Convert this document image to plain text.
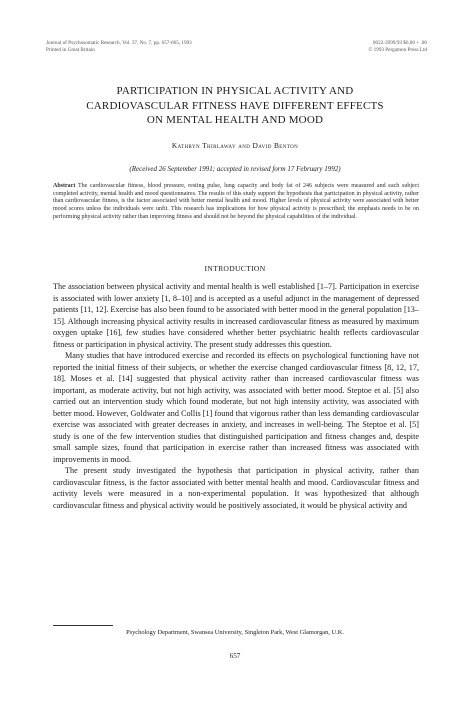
Journal of Psychosomatic Research, Vol. 37, No. 7, pp. 657-665, 1993
Printed in Great Britain
0022-3999/93 $6.00 + .00
© 1993 Pergamon Press Ltd
PARTICIPATION IN PHYSICAL ACTIVITY AND
CARDIOVASCULAR FITNESS HAVE DIFFERENT EFFECTS
ON MENTAL HEALTH AND MOOD
Kathryn Thirlaway and David Benton
(Received 26 September 1991; accepted in revised form 17 February 1992)
Abstract The cardiovascular fitness, blood pressure, resting pulse, lung capacity and body fat of 246 subjects were measured and each subject completed activity, mental health and mood questionnaires. The results of this study support the hypothesis that participation in physical activity, rather than cardiovascular fitness, is the factor associated with better mental health and mood. Higher levels of physical activity were associated with better mood scores unless the individuals were unfit. This research has implications for how physical activity is prescribed; the emphasis needs to be on performing physical activity rather than improving fitness and should not be beyond the physical capabilities of the individual.
INTRODUCTION

The association between physical activity and mental health is well established [1–7]. Participation in exercise is associated with lower anxiety [1, 8–10] and is accepted as a useful adjunct in the management of depressed patients [11, 12]. Exercise has also been found to be associated with better mood in the general population [13–15]. Although increasing physical activity results in increased cardiovascular fitness as measured by maximum oxygen uptake [16], few studies have considered whether better psychiatric health reflects cardiovascular fitness or participation in physical activity. The present study addresses this question.

Many studies that have introduced exercise and recorded its effects on psychological functioning have not reported the initial fitness of their subjects, or whether the exercise changed cardiovascular fitness [8, 12, 17, 18]. Moses et al. [14] suggested that physical activity rather than increased cardiovascular fitness was important, as moderate activity, but not high activity, was associated with better mood. Steptoe et al. [5] also carried out an intervention study which found moderate, but not high intensity activity, was associated with better mood. However, Goldwater and Collis [1] found that vigorous rather than less demanding cardiovascular exercise was associated with greater decreases in anxiety, and increases in well-being. The Steptoe et al. [5] study is one of the few intervention studies that distinguished participation and fitness changes and, despite small sample sizes, found that participation in exercise rather than increased fitness was associated with improvements in mood.

The present study investigated the hypothesis that participation in physical activity, rather than cardiovascular fitness, is the factor associated with better mental health and mood. Cardiovascular fitness and activity levels were measured in a non-experimental population. It was hypothesized that although cardiovascular fitness and physical activity would be positively associated, it would be physical activity and

Psychology Department, Swansea University, Singleton Park, West Glamorgan, U.K.
657
